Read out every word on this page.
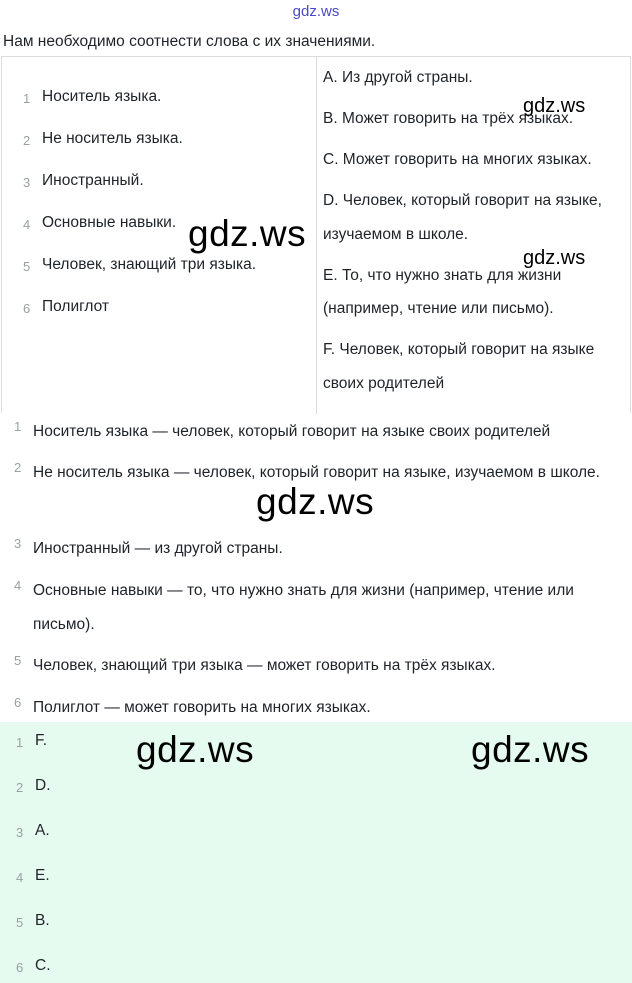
gdz.ws
Нам необходимо соотнести слова с их значениями.
1 Носитель языка.
2 Не носитель языка.
3 Иностранный.
4 Основные навыки.
5 Человек, знающий три языка.
6 Полиглот
A. Из другой страны.
B. Может говорить на трёх языках.
C. Может говорить на многих языках.
D. Человек, который говорит на языке, изучаемом в школе.
E. То, что нужно знать для жизни (например, чтение или письмо).
F. Человек, который говорит на языке своих родителей
1 Носитель языка — человек, который говорит на языке своих родителей
2 Не носитель языка — человек, который говорит на языке, изучаемом в школе.
3 Иностранный — из другой страны.
4 Основные навыки — то, что нужно знать для жизни (например, чтение или письмо).
5 Человек, знающий три языка — может говорить на трёх языках.
6 Полиглот — может говорить на многих языках.
1 F.
2 D.
3 A.
4 E.
5 B.
6 C.
gdz.ws
gdz.ws
gdz.ws
gdz.ws
gdz.ws	gdz.ws
